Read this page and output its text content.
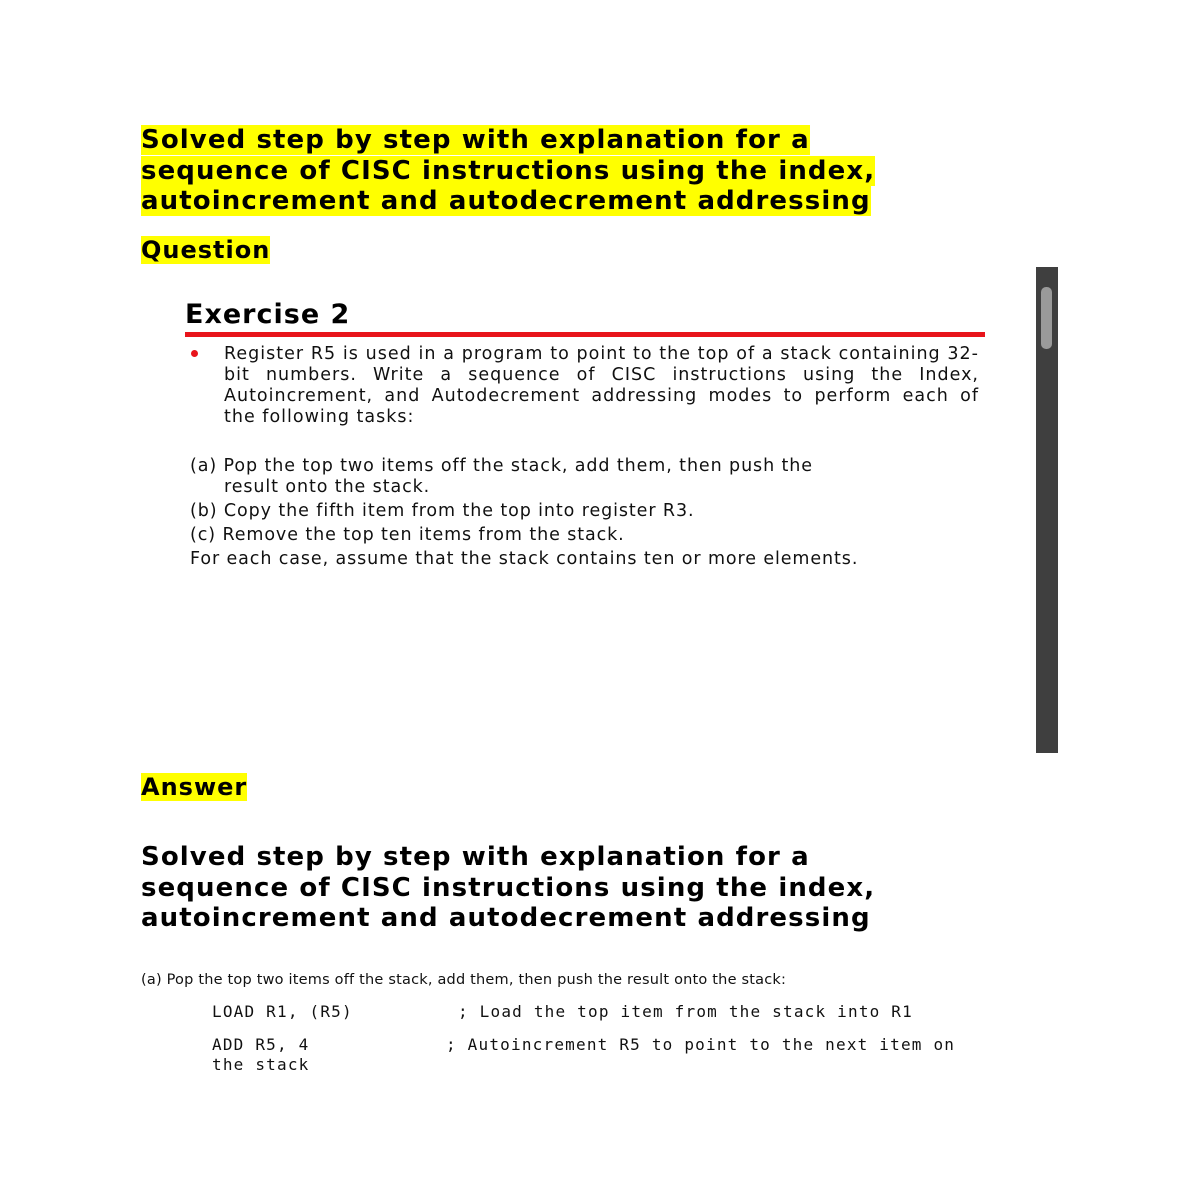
Solved step by step with explanation for a
sequence of CISC instructions using the index,
autoincrement and autodecrement addressing
Question
Exercise 2

Register R5 is used in a program to point to the top of a stack containing 32-bit numbers. Write a sequence of CISC instructions using the Index, Autoincrement, and Autodecrement addressing modes to perform each of the following tasks:

(a) Pop the top two items off the stack, add them, then push the
result onto the stack.

(b) Copy the fifth item from the top into register R3.

(c) Remove the top ten items from the stack.

For each case, assume that the stack contains ten or more elements.

Answer
Solved step by step with explanation for a
sequence of CISC instructions using the index,
autoincrement and autodecrement addressing

(a) Pop the top two items off the stack, add them, then push the result onto the stack:

LOAD R1, (R5)	; Load the top item from the stack into R1

ADD R5, 4	; Autoincrement R5 to point to the next item on

the stack
